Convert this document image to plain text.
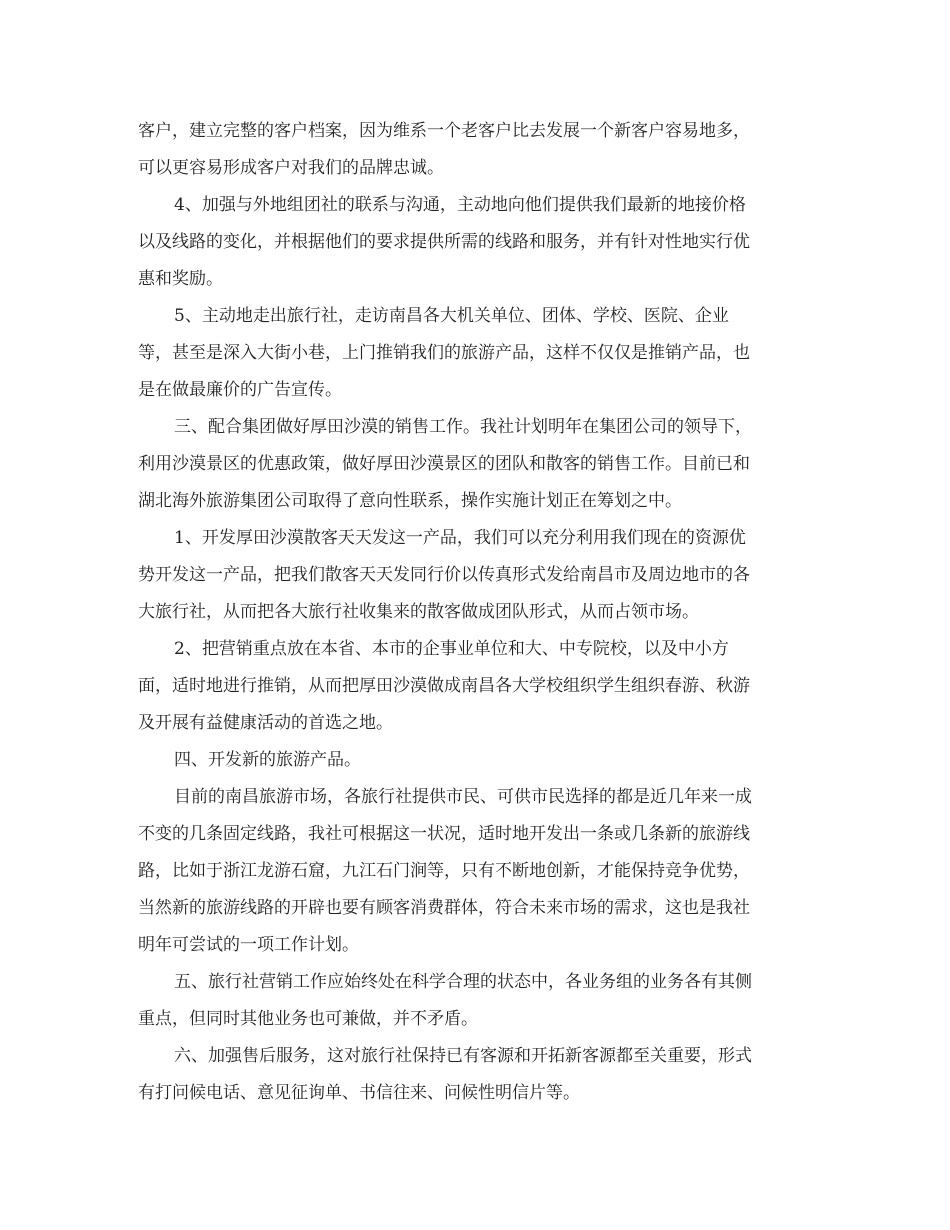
客户，建立完整的客户档案，因为维系一个老客户比去发展一个新客户容易地多，
可以更容易形成客户对我们的品牌忠诚。
4、加强与外地组团社的联系与沟通，主动地向他们提供我们最新的地接价格
以及线路的变化，并根据他们的要求提供所需的线路和服务，并有针对性地实行优
惠和奖励。
5、主动地走出旅行社，走访南昌各大机关单位、团体、学校、医院、企业
等，甚至是深入大街小巷，上门推销我们的旅游产品，这样不仅仅是推销产品，也
是在做最廉价的广告宣传。
三、配合集团做好厚田沙漠的销售工作。我社计划明年在集团公司的领导下，
利用沙漠景区的优惠政策，做好厚田沙漠景区的团队和散客的销售工作。目前已和
湖北海外旅游集团公司取得了意向性联系，操作实施计划正在筹划之中。
1、开发厚田沙漠散客天天发这一产品，我们可以充分利用我们现在的资源优
势开发这一产品，把我们散客天天发同行价以传真形式发给南昌市及周边地市的各
大旅行社，从而把各大旅行社收集来的散客做成团队形式，从而占领市场。
2、把营销重点放在本省、本市的企事业单位和大、中专院校，以及中小方
面，适时地进行推销，从而把厚田沙漠做成南昌各大学校组织学生组织春游、秋游
及开展有益健康活动的首选之地。
四、开发新的旅游产品。
目前的南昌旅游市场，各旅行社提供市民、可供市民选择的都是近几年来一成
不变的几条固定线路，我社可根据这一状况，适时地开发出一条或几条新的旅游线
路，比如于浙江龙游石窟，九江石门涧等，只有不断地创新，才能保持竞争优势，
当然新的旅游线路的开辟也要有顾客消费群体，符合未来市场的需求，这也是我社
明年可尝试的一项工作计划。
五、旅行社营销工作应始终处在科学合理的状态中，各业务组的业务各有其侧
重点，但同时其他业务也可兼做，并不矛盾。
六、加强售后服务，这对旅行社保持已有客源和开拓新客源都至关重要，形式
有打问候电话、意见征询单、书信往来、问候性明信片等。
